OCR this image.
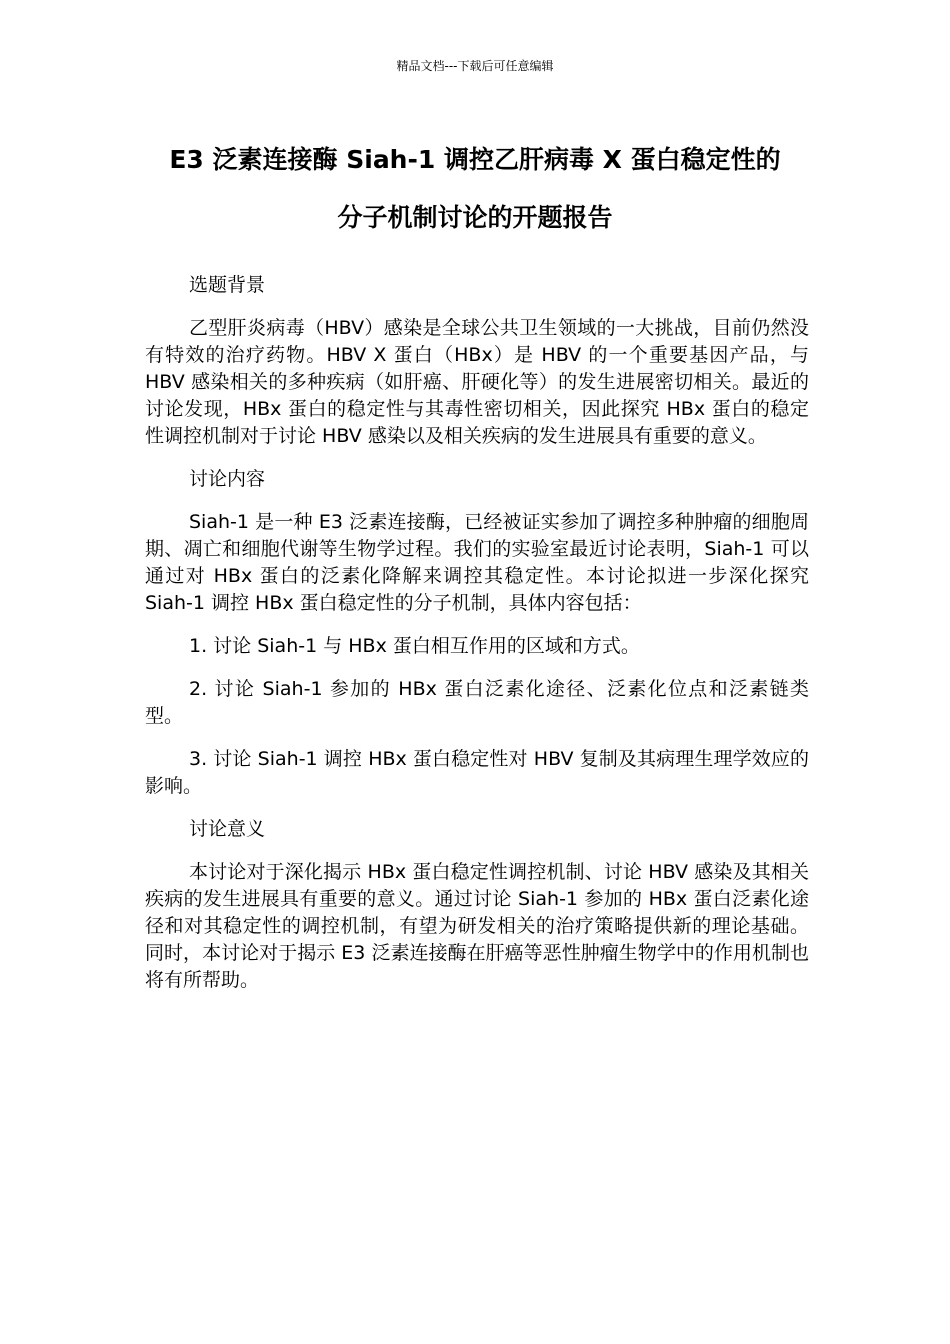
精品文档---下载后可任意编辑
E3 泛素连接酶 Siah-1 调控乙肝病毒 X 蛋白稳定性的
分子机制讨论的开题报告

选题背景

乙型肝炎病毒（HBV）感染是全球公共卫生领域的一大挑战，目前仍然没有特效的治疗药物。HBV X 蛋白（HBx）是 HBV 的一个重要基因产品，与 HBV 感染相关的多种疾病（如肝癌、肝硬化等）的发生进展密切相关。最近的讨论发现，HBx 蛋白的稳定性与其毒性密切相关，因此探究 HBx 蛋白的稳定性调控机制对于讨论 HBV 感染以及相关疾病的发生进展具有重要的意义。

讨论内容

Siah-1 是一种 E3 泛素连接酶，已经被证实参加了调控多种肿瘤的细胞周期、凋亡和细胞代谢等生物学过程。我们的实验室最近讨论表明，Siah-1 可以通过对 HBx 蛋白的泛素化降解来调控其稳定性。本讨论拟进一步深化探究 Siah-1 调控 HBx 蛋白稳定性的分子机制，具体内容包括：

1. 讨论 Siah-1 与 HBx 蛋白相互作用的区域和方式。

2. 讨论 Siah-1 参加的 HBx 蛋白泛素化途径、泛素化位点和泛素链类型。

3. 讨论 Siah-1 调控 HBx 蛋白稳定性对 HBV 复制及其病理生理学效应的影响。

讨论意义

本讨论对于深化揭示 HBx 蛋白稳定性调控机制、讨论 HBV 感染及其相关疾病的发生进展具有重要的意义。通过讨论 Siah-1 参加的 HBx 蛋白泛素化途径和对其稳定性的调控机制，有望为研发相关的治疗策略提供新的理论基础。同时，本讨论对于揭示 E3 泛素连接酶在肝癌等恶性肿瘤生物学中的作用机制也将有所帮助。
